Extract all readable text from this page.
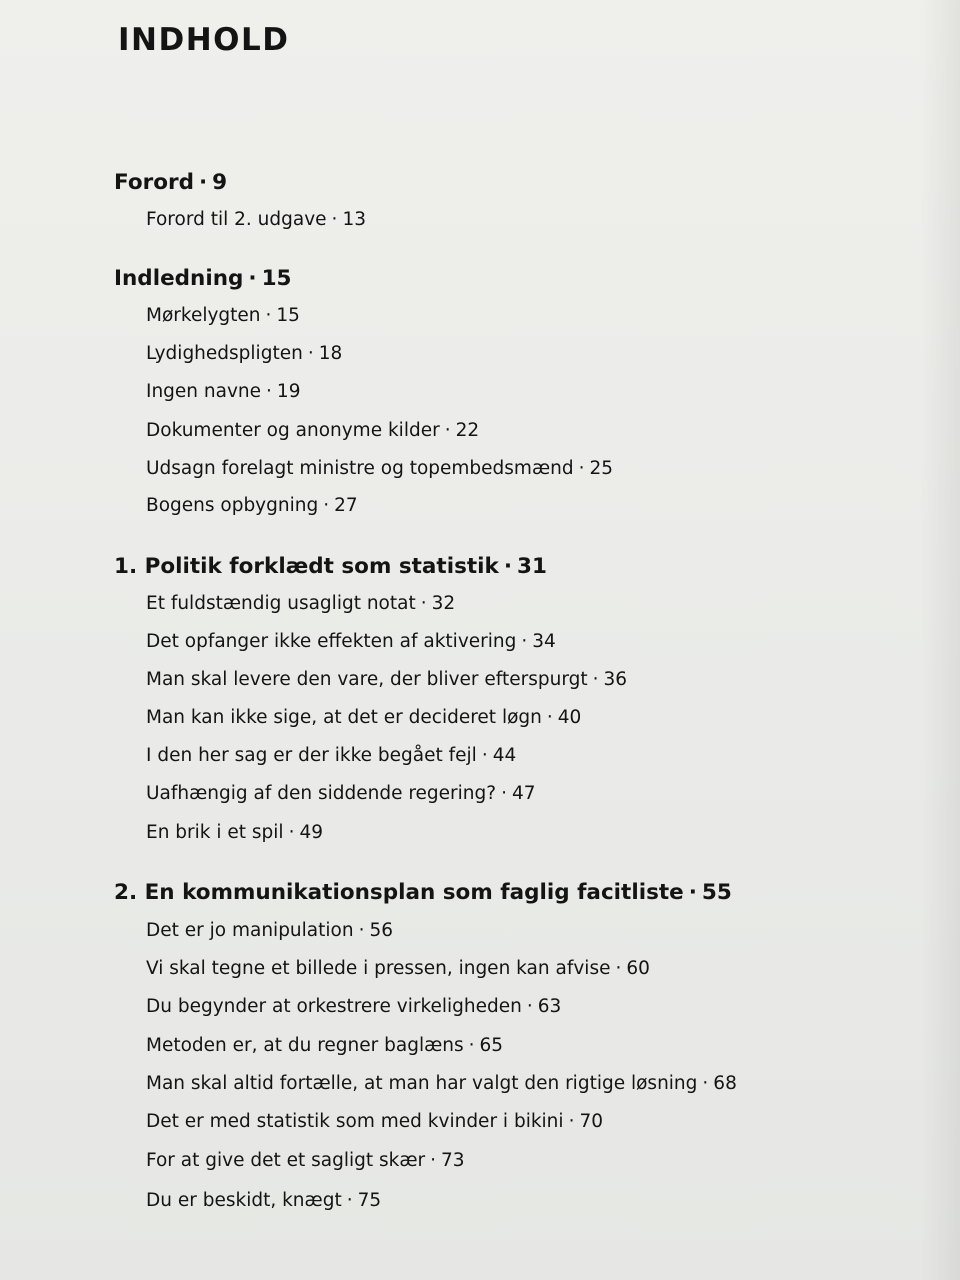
INDHOLD
Forord · 9
Forord til 2. udgave · 13
Indledning · 15
Mørkelygten · 15
Lydighedspligten · 18
Ingen navne · 19
Dokumenter og anonyme kilder · 22
Udsagn forelagt ministre og topembedsmænd · 25
Bogens opbygning · 27
1. Politik forklædt som statistik · 31
Et fuldstændig usagligt notat · 32
Det opfanger ikke effekten af aktivering · 34
Man skal levere den vare, der bliver efterspurgt · 36
Man kan ikke sige, at det er decideret løgn · 40
I den her sag er der ikke begået fejl · 44
Uafhængig af den siddende regering? · 47
En brik i et spil · 49
2. En kommunikationsplan som faglig facitliste · 55
Det er jo manipulation · 56
Vi skal tegne et billede i pressen, ingen kan afvise · 60
Du begynder at orkestrere virkeligheden · 63
Metoden er, at du regner baglæns · 65
Man skal altid fortælle, at man har valgt den rigtige løsning · 68
Det er med statistik som med kvinder i bikini · 70
For at give det et sagligt skær · 73
Du er beskidt, knægt · 75
